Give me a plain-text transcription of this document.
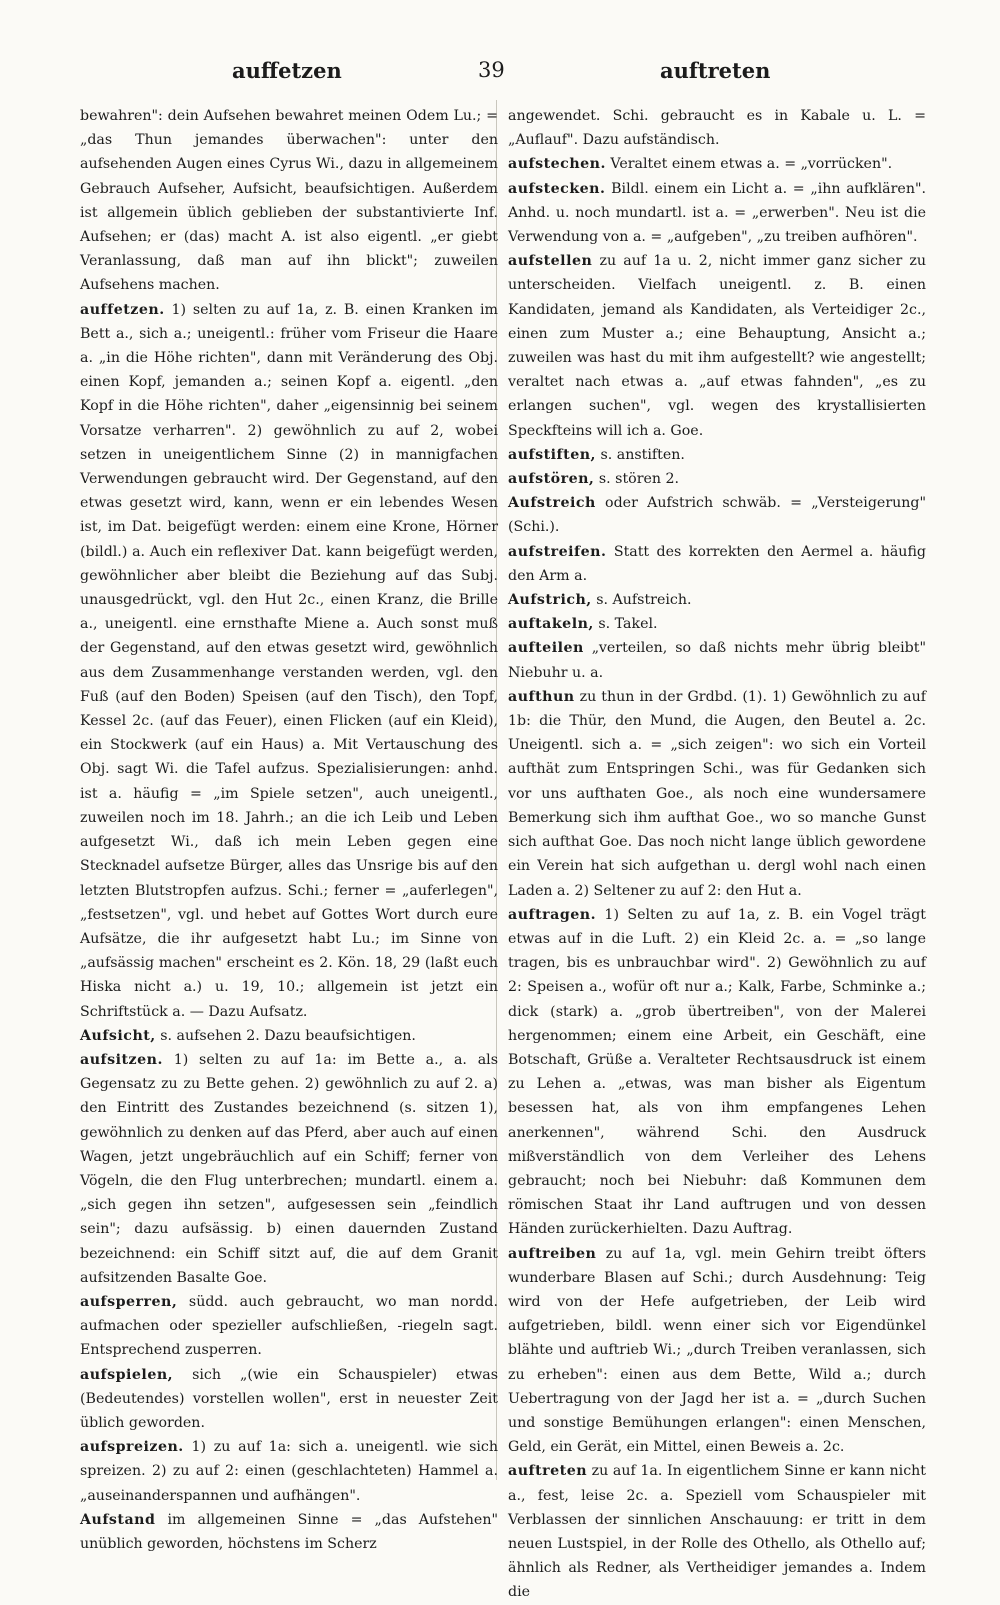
auffetzen	39	auftreten

bewahren": dein Aufsehen bewahret meinen Odem Lu.; = „das Thun jemandes überwachen": unter den aufsehenden Augen eines Cyrus Wi., dazu in allgemeinem Gebrauch Aufseher, Aufsicht, beaufsichtigen. Außerdem ist allgemein üblich geblieben der substantivierte Inf. Aufsehen; er (das) macht A. ist also eigentl. „er giebt Veranlassung, daß man auf ihn blickt"; zuweilen Aufsehens machen.

auffetzen. 1) selten zu auf 1a, z. B. einen Kranken im Bett a., sich a.; uneigentl.: früher vom Friseur die Haare a. „in die Höhe richten", dann mit Veränderung des Obj. einen Kopf, jemanden a.; seinen Kopf a. eigentl. „den Kopf in die Höhe richten", daher „eigensinnig bei seinem Vorsatze verharren". 2) gewöhnlich zu auf 2, wobei setzen in uneigentlichem Sinne (2) in mannigfachen Verwendungen gebraucht wird. Der Gegenstand, auf den etwas gesetzt wird, kann, wenn er ein lebendes Wesen ist, im Dat. beigefügt werden: einem eine Krone, Hörner (bildl.) a. Auch ein reflexiver Dat. kann beigefügt werden, gewöhnlicher aber bleibt die Beziehung auf das Subj. unausgedrückt, vgl. den Hut 2c., einen Kranz, die Brille a., uneigentl. eine ernsthafte Miene a. Auch sonst muß der Gegenstand, auf den etwas gesetzt wird, gewöhnlich aus dem Zusammenhange verstanden werden, vgl. den Fuß (auf den Boden) Speisen (auf den Tisch), den Topf, Kessel 2c. (auf das Feuer), einen Flicken (auf ein Kleid), ein Stockwerk (auf ein Haus) a. Mit Vertauschung des Obj. sagt Wi. die Tafel aufzus. Spezialisierungen: anhd. ist a. häufig = „im Spiele setzen", auch uneigentl., zuweilen noch im 18. Jahrh.; an die ich Leib und Leben aufgesetzt Wi., daß ich mein Leben gegen eine Stecknadel aufsetze Bürger, alles das Unsrige bis auf den letzten Blutstropfen aufzus. Schi.; ferner = „auferlegen", „festsetzen", vgl. und hebet auf Gottes Wort durch eure Aufsätze, die ihr aufgesetzt habt Lu.; im Sinne von „aufsässig machen" erscheint es 2. Kön. 18, 29 (laßt euch Hiska nicht a.) u. 19, 10.; allgemein ist jetzt ein Schriftstück a. — Dazu Aufsatz.

Aufsicht, s. aufsehen 2. Dazu beaufsichtigen.

aufsitzen. 1) selten zu auf 1a: im Bette a., a. als Gegensatz zu zu Bette gehen. 2) gewöhnlich zu auf 2. a) den Eintritt des Zustandes bezeichnend (s. sitzen 1), gewöhnlich zu denken auf das Pferd, aber auch auf einen Wagen, jetzt ungebräuchlich auf ein Schiff; ferner von Vögeln, die den Flug unterbrechen; mundartl. einem a. „sich gegen ihn setzen", aufgesessen sein „feindlich sein"; dazu aufsässig. b) einen dauernden Zustand bezeichnend: ein Schiff sitzt auf, die auf dem Granit aufsitzenden Basalte Goe.

aufsperren, südd. auch gebraucht, wo man nordd. aufmachen oder spezieller aufschließen, -riegeln sagt. Entsprechend zusperren.

aufspielen, sich „(wie ein Schauspieler) etwas (Bedeutendes) vorstellen wollen", erst in neuester Zeit üblich geworden.

aufspreizen. 1) zu auf 1a: sich a. uneigentl. wie sich spreizen. 2) zu auf 2: einen (geschlachteten) Hammel a. „auseinanderspannen und aufhängen".

Aufstand im allgemeinen Sinne = „das Aufstehen" unüblich geworden, höchstens im Scherz

angewendet. Schi. gebraucht es in Kabale u. L. = „Auflauf". Dazu aufständisch.

aufstechen. Veraltet einem etwas a. = „vorrücken".

aufstecken. Bildl. einem ein Licht a. = „ihn aufklären". Anhd. u. noch mundartl. ist a. = „erwerben". Neu ist die Verwendung von a. = „aufgeben", „zu treiben aufhören".

aufstellen zu auf 1a u. 2, nicht immer ganz sicher zu unterscheiden. Vielfach uneigentl. z. B. einen Kandidaten, jemand als Kandidaten, als Verteidiger 2c., einen zum Muster a.; eine Behauptung, Ansicht a.; zuweilen was hast du mit ihm aufgestellt? wie angestellt; veraltet nach etwas a. „auf etwas fahnden", „es zu erlangen suchen", vgl. wegen des krystallisierten Speckfteins will ich a. Goe.

aufstiften, s. anstiften.

aufstören, s. stören 2.

Aufstreich oder Aufstrich schwäb. = „Versteigerung" (Schi.).

aufstreifen. Statt des korrekten den Aermel a. häufig den Arm a.

Aufstrich, s. Aufstreich.

auftakeln, s. Takel.

aufteilen „verteilen, so daß nichts mehr übrig bleibt" Niebuhr u. a.

aufthun zu thun in der Grdbd. (1). 1) Gewöhnlich zu auf 1b: die Thür, den Mund, die Augen, den Beutel a. 2c. Uneigentl. sich a. = „sich zeigen": wo sich ein Vorteil aufthät zum Entspringen Schi., was für Gedanken sich vor uns aufthaten Goe., als noch eine wundersamere Bemerkung sich ihm aufthat Goe., wo so manche Gunst sich aufthat Goe. Das noch nicht lange üblich gewordene ein Verein hat sich aufgethan u. dergl wohl nach einen Laden a. 2) Seltener zu auf 2: den Hut a.

auftragen. 1) Selten zu auf 1a, z. B. ein Vogel trägt etwas auf in die Luft. 2) ein Kleid 2c. a. = „so lange tragen, bis es unbrauchbar wird". 2) Gewöhnlich zu auf 2: Speisen a., wofür oft nur a.; Kalk, Farbe, Schminke a.; dick (stark) a. „grob übertreiben", von der Malerei hergenommen; einem eine Arbeit, ein Geschäft, eine Botschaft, Grüße a. Veralteter Rechtsausdruck ist einem zu Lehen a. „etwas, was man bisher als Eigentum besessen hat, als von ihm empfangenes Lehen anerkennen", während Schi. den Ausdruck mißverständlich von dem Verleiher des Lehens gebraucht; noch bei Niebuhr: daß Kommunen dem römischen Staat ihr Land auftrugen und von dessen Händen zurückerhielten. Dazu Auftrag.

auftreiben zu auf 1a, vgl. mein Gehirn treibt öfters wunderbare Blasen auf Schi.; durch Ausdehnung: Teig wird von der Hefe aufgetrieben, der Leib wird aufgetrieben, bildl. wenn einer sich vor Eigendünkel blähte und auftrieb Wi.; „durch Treiben veranlassen, sich zu erheben": einen aus dem Bette, Wild a.; durch Uebertragung von der Jagd her ist a. = „durch Suchen und sonstige Bemühungen erlangen": einen Menschen, Geld, ein Gerät, ein Mittel, einen Beweis a. 2c.

auftreten zu auf 1a. In eigentlichem Sinne er kann nicht a., fest, leise 2c. a. Speziell vom Schauspieler mit Verblassen der sinnlichen Anschauung: er tritt in dem neuen Lustspiel, in der Rolle des Othello, als Othello auf; ähnlich als Redner, als Vertheidiger jemandes a. Indem die
